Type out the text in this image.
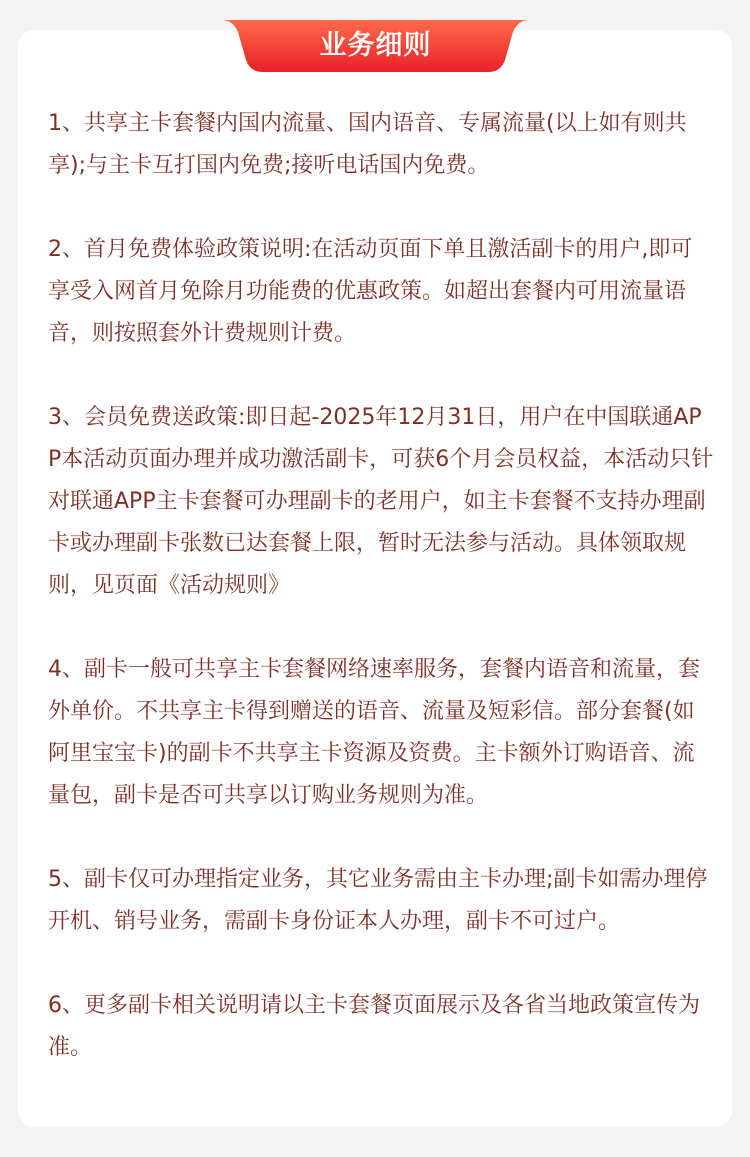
业务细则

1、共享主卡套餐内国内流量、国内语音、专属流量(以上如有则共享);与主卡互打国内免费;接听电话国内免费。

2、首月免费体验政策说明:在活动页面下单且激活副卡的用户,即可享受入网首月免除月功能费的优惠政策。如超出套餐内可用流量语音，则按照套外计费规则计费。

3、会员免费送政策:即日起-2025年12月31日，用户在中国联通APP本活动页面办理并成功激活副卡，可获6个月会员权益，本活动只针对联通APP主卡套餐可办理副卡的老用户，如主卡套餐不支持办理副卡或办理副卡张数已达套餐上限，暂时无法参与活动。具体领取规则，见页面《活动规则》

4、副卡一般可共享主卡套餐网络速率服务，套餐内语音和流量，套外单价。不共享主卡得到赠送的语音、流量及短彩信。部分套餐(如阿里宝宝卡)的副卡不共享主卡资源及资费。主卡额外订购语音、流量包，副卡是否可共享以订购业务规则为准。

5、副卡仅可办理指定业务，其它业务需由主卡办理;副卡如需办理停开机、销号业务，需副卡身份证本人办理，副卡不可过户。

6、更多副卡相关说明请以主卡套餐页面展示及各省当地政策宣传为准。
